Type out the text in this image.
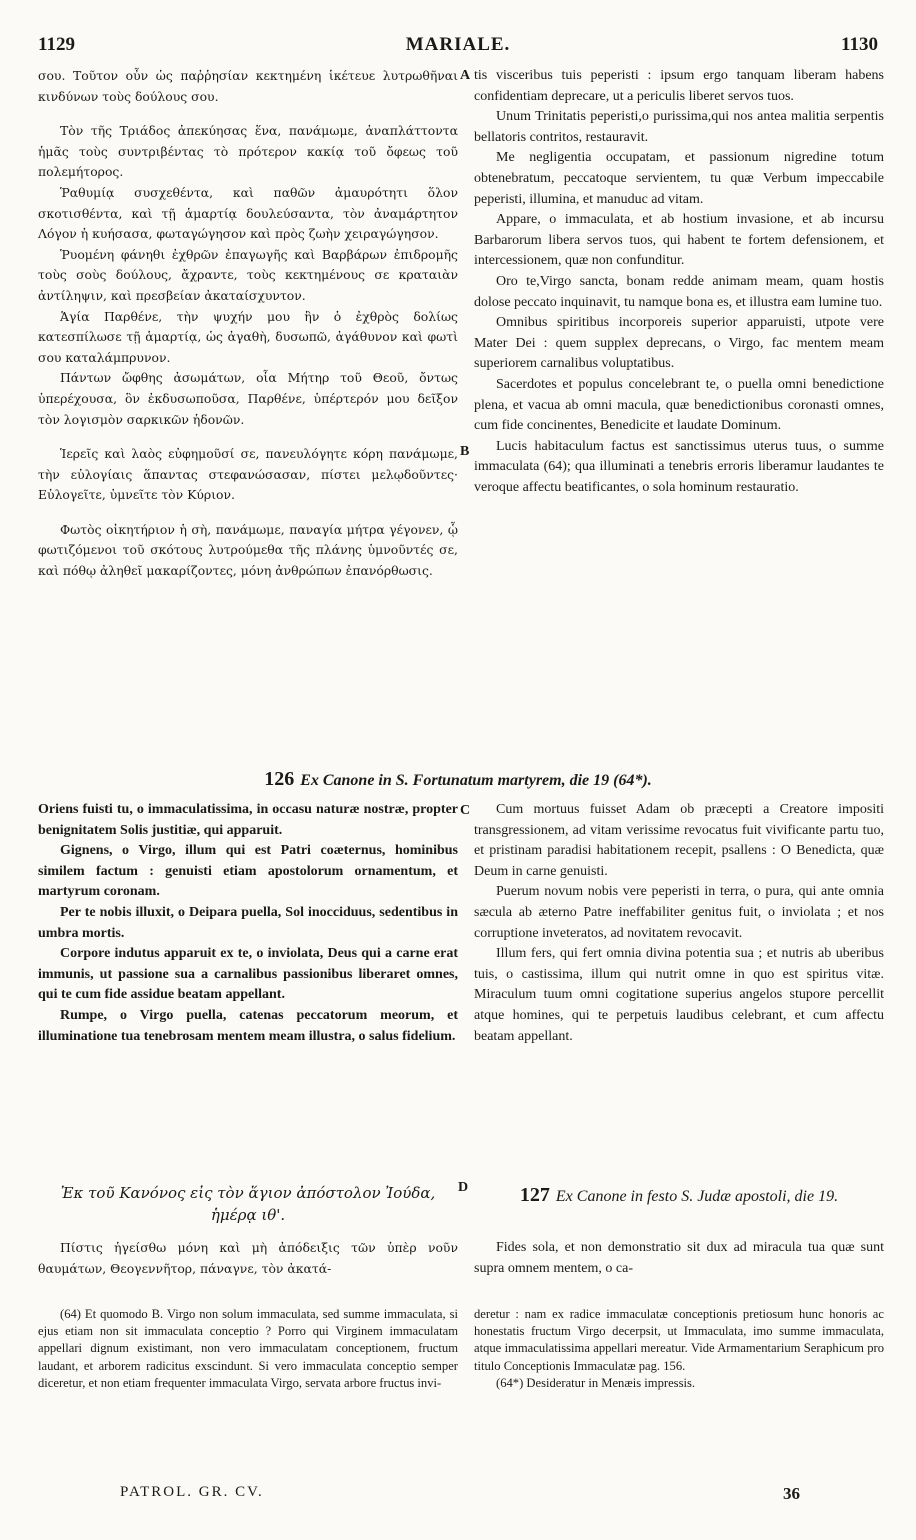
1129	MARIALE.	1130

σου. Τοῦτον οὖν ὡς παῤῥησίαν κεκτημένη ἱκέτευε λυτρωθῆναι κινδύνων τοὺς δούλους σου.

Τὸν τῆς Τριάδος ἀπεκύησας ἕνα, πανάμωμε, ἀναπλάττοντα ἡμᾶς τοὺς συντριβέντας τὸ πρότερον κακίᾳ τοῦ ὄφεως τοῦ πολεμήτορος.

Ῥαθυμίᾳ συσχεθέντα, καὶ παθῶν ἀμαυρότητι ὅλον σκοτισθέντα, καὶ τῇ ἁμαρτίᾳ δουλεύσαντα, τὸν ἀναμάρτητον Λόγον ἡ κυήσασα, φωταγώγησον καὶ πρὸς ζωὴν χειραγώγησον.

Ῥυομένη φάνηθι ἐχθρῶν ἐπαγωγῆς καὶ Βαρβάρων ἐπιδρομῆς τοὺς σοὺς δούλους, ἄχραντε, τοὺς κεκτημένους σε κραταιὰν ἀντίληψιν, καὶ πρεσβείαν ἀκαταίσχυντον.

Ἁγία Παρθένε, τὴν ψυχήν μου ἣν ὁ ἐχθρὸς δολίως κατεσπίλωσε τῇ ἁμαρτίᾳ, ὡς ἀγαθὴ, δυσωπῶ, ἀγάθυνον καὶ φωτὶ σου καταλάμπρυνον.

Πάντων ὤφθης ἀσωμάτων, οἷα Μήτηρ τοῦ Θεοῦ, ὄντως ὑπερέχουσα, ὃν ἐκδυσωποῦσα, Παρθένε, ὑπέρτερόν μου δεῖξον τὸν λογισμὸν σαρκικῶν ἡδονῶν.

Ἱερεῖς καὶ λαὸς εὐφημοῦσί σε, πανευλόγητε κόρη πανάμωμε, τὴν εὐλογίαις ἅπαντας στεφανώσασαν, πίστει μελῳδοῦντες· Εὐλογεῖτε, ὑμνεῖτε τὸν Κύριον.

Φωτὸς οἰκητήριον ἡ σὴ, πανάμωμε, παναγία μήτρα γέγονεν, ᾧ φωτιζόμενοι τοῦ σκότους λυτρούμεθα τῆς πλάνης ὑμνοῦντές σε, καὶ πόθῳ ἀληθεῖ μακαρίζοντες, μόνη ἀνθρώπων ἐπανόρθωσις.

A
B

tis visceribus tuis peperisti : ipsum ergo tanquam liberam habens confidentiam deprecare, ut a periculis liberet servos tuos.

Unum Trinitatis peperisti,o purissima,qui nos antea malitia serpentis bellatoris contritos, restauravit.

Me negligentia occupatam, et passionum nigredine totum obtenebratum, peccatoque servientem, tu quæ Verbum impeccabile peperisti, illumina, et manuduc ad vitam.

Appare, o immaculata, et ab hostium invasione, et ab incursu Barbarorum libera servos tuos, qui habent te fortem defensionem, et intercessionem, quæ non confunditur.

Oro te,Virgo sancta, bonam redde animam meam, quam hostis dolose peccato inquinavit, tu namque bona es, et illustra eam lumine tuo.

Omnibus spiritibus incorporeis superior apparuisti, utpote vere Mater Dei : quem supplex deprecans, o Virgo, fac mentem meam superiorem carnalibus voluptatibus.

Sacerdotes et populus concelebrant te, o puella omni benedictione plena, et vacua ab omni macula, quæ benedictionibus coronasti omnes, cum fide concinentes, Benedicite et laudate Dominum.

Lucis habitaculum factus est sanctissimus uterus tuus, o summe immaculata (64); qua illuminati a tenebris erroris liberamur laudantes te veroque affectu beatificantes, o sola hominum restauratio.

126 Ex Canone in S. Fortunatum martyrem, die 19 (64*).
C

Oriens fuisti tu, o immaculatissima, in occasu naturæ nostræ, propter benignitatem Solis justitiæ, qui apparuit.

Gignens, o Virgo, illum qui est Patri coæternus, hominibus similem factum : genuisti etiam apostolorum ornamentum, et martyrum coronam.

Per te nobis illuxit, o Deipara puella, Sol inocciduus, sedentibus in umbra mortis.

Corpore indutus apparuit ex te, o inviolata, Deus qui a carne erat immunis, ut passione sua a carnalibus passionibus liberaret omnes, qui te cum fide assidue beatam appellant.

Rumpe, o Virgo puella, catenas peccatorum meorum, et illuminatione tua tenebrosam mentem meam illustra, o salus fidelium.

Cum mortuus fuisset Adam ob præcepti a Creatore impositi transgressionem, ad vitam verissime revocatus fuit vivificante partu tuo, et pristinam paradisi habitationem recepit, psallens : O Benedicta, quæ Deum in carne genuisti.

Puerum novum nobis vere peperisti in terra, o pura, qui ante omnia sæcula ab æterno Patre ineffabiliter genitus fuit, o inviolata ; et nos corruptione inveteratos, ad novitatem revocavit.

Illum fers, qui fert omnia divina potentia sua ; et nutris ab uberibus tuis, o castissima, illum qui nutrit omne in quo est spiritus vitæ. Miraculum tuum omni cogitatione superius angelos stupore percellit atque homines, qui te perpetuis laudibus celebrant, et cum affectu beatam appellant.

Ἐκ τοῦ Κανόνος εἰς τὸν ἅγιον ἀπόστολον Ἰούδα, ἡμέρᾳ ιθ'.
D	127 Ex Canone in festo S. Judæ apostoli, die 19.

Πίστις ἡγείσθω μόνη καὶ μὴ ἀπόδειξις τῶν ὑπὲρ νοῦν θαυμάτων, Θεογεννῆτορ, πάναγνε, τὸν ἀκατά-

Fides sola, et non demonstratio sit dux ad miracula tua quæ sunt supra omnem mentem, o ca-

(64) Et quomodo B. Virgo non solum immaculata, sed summe immaculata, si ejus etiam non sit immaculata conceptio ? Porro qui Virginem immaculatam appellari dignum existimant, non vero immaculatam conceptionem, fructum laudant, et arborem radicitus exscindunt. Si vero immaculata conceptio semper diceretur, et non etiam frequenter immaculata Virgo, servata arbore fructus invi-

deretur : nam ex radice immaculatæ conceptionis pretiosum hunc honoris ac honestatis fructum Virgo decerpsit, ut Immaculata, imo summe immaculata, atque immaculatissima appellari mereatur. Vide Armamentarium Seraphicum pro titulo Conceptionis Immaculatæ pag. 156.

(64*) Desideratur in Menæis impressis.

PATROL. GR. CV.	36
